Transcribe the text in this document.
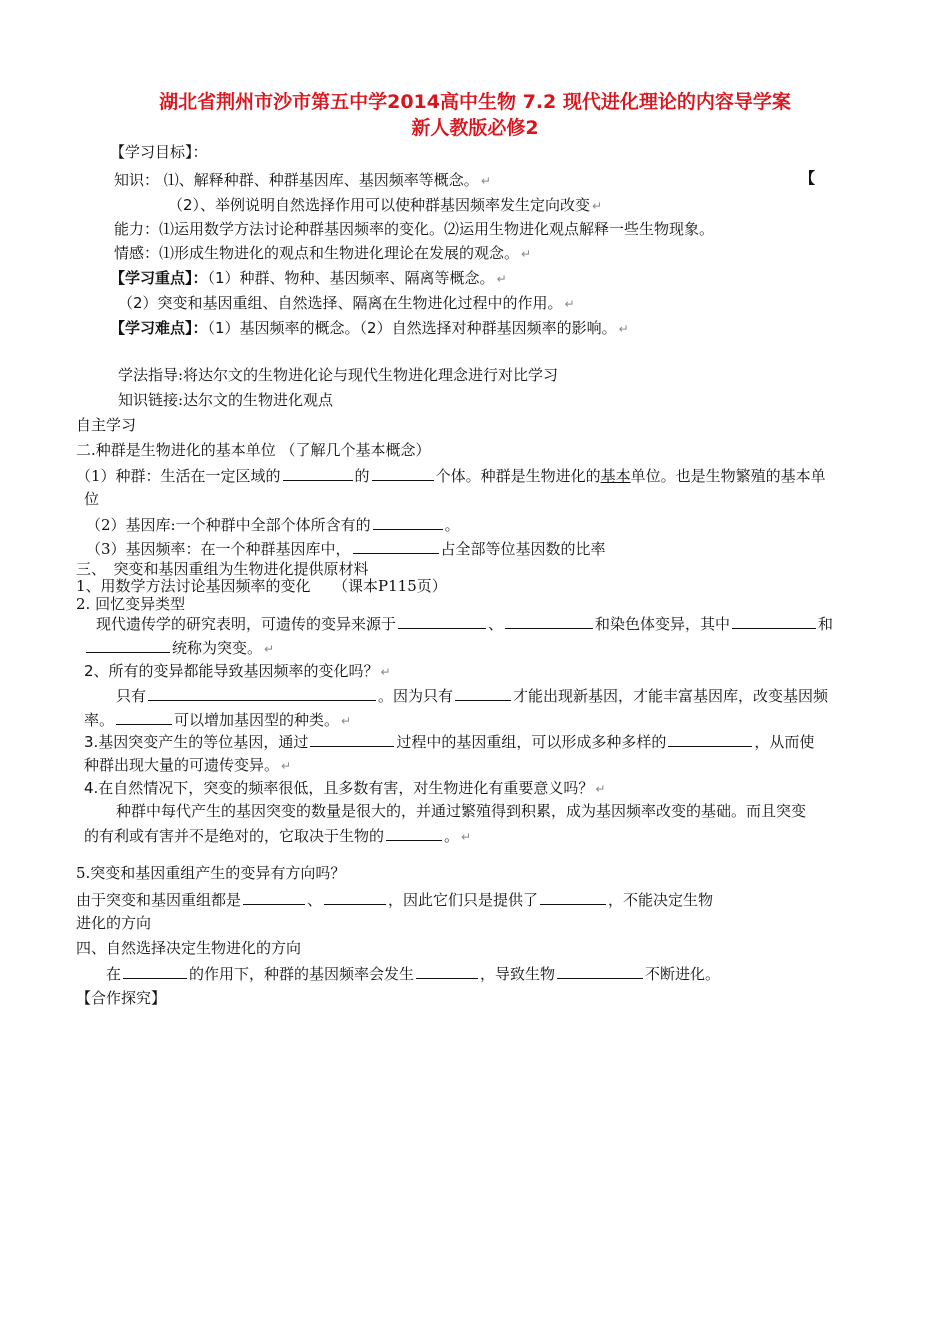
湖北省荆州市沙市第五中学2014高中生物 7.2 现代进化理论的内容导学案
新人教版必修2
【学习目标】：
知识： ⑴、解释种群、种群基因库、基因频率等概念。 ↵	【
（2）、举例说明自然选择作用可以使种群基因频率发生定向改变 ↵
能力：⑴运用数学方法讨论种群基因频率的变化。⑵运用生物进化观点解释一些生物现象。
情感：⑴形成生物进化的观点和生物进化理论在发展的观念。 ↵
【学习重点】：（1）种群、物种、基因频率、隔离等概念。 ↵
（2）突变和基因重组、自然选择、隔离在生物进化过程中的作用。 ↵
【学习难点】：（1）基因频率的概念。（2）自然选择对种群基因频率的影响。 ↵
学法指导:将达尔文的生物进化论与现代生物进化理念进行对比学习
知识链接:达尔文的生物进化观点
自主学习
二.种群是生物进化的基本单位 （了解几个基本概念）
（1）种群：生活在一定区域的	的	个体。种群是生物进化的基本单位。也是生物繁殖的基本单
位
（2）基因库:一个种群中全部个体所含有的	。
（3）基因频率：在一个种群基因库中，	占全部等位基因数的比率
三、　突变和基因重组为生物进化提供原材料
1、用数学方法讨论基因频率的变化　　（课本P115页）
2. 回忆变异类型
现代遗传学的研究表明，可遗传的变异来源于	、	和染色体变异，其中	和
统称为突变。 ↵
2、所有的变异都能导致基因频率的变化吗？ ↵
只有	。因为只有	才能出现新基因，才能丰富基因库，改变基因频
率。	可以增加基因型的种类。 ↵
3.基因突变产生的等位基因，通过	过程中的基因重组，可以形成多种多样的	，从而使
种群出现大量的可遗传变异。 ↵
4.在自然情况下，突变的频率很低，且多数有害，对生物进化有重要意义吗？ ↵
种群中每代产生的基因突变的数量是很大的，并通过繁殖得到积累，成为基因频率改变的基础。而且突变
的有利或有害并不是绝对的，它取决于生物的	。 ↵
5.突变和基因重组产生的变异有方向吗？
由于突变和基因重组都是	、	，因此它们只是提供了	，不能决定生物
进化的方向
四、自然选择决定生物进化的方向
在	的作用下，种群的基因频率会发生	，导致生物	不断进化。
【合作探究】
